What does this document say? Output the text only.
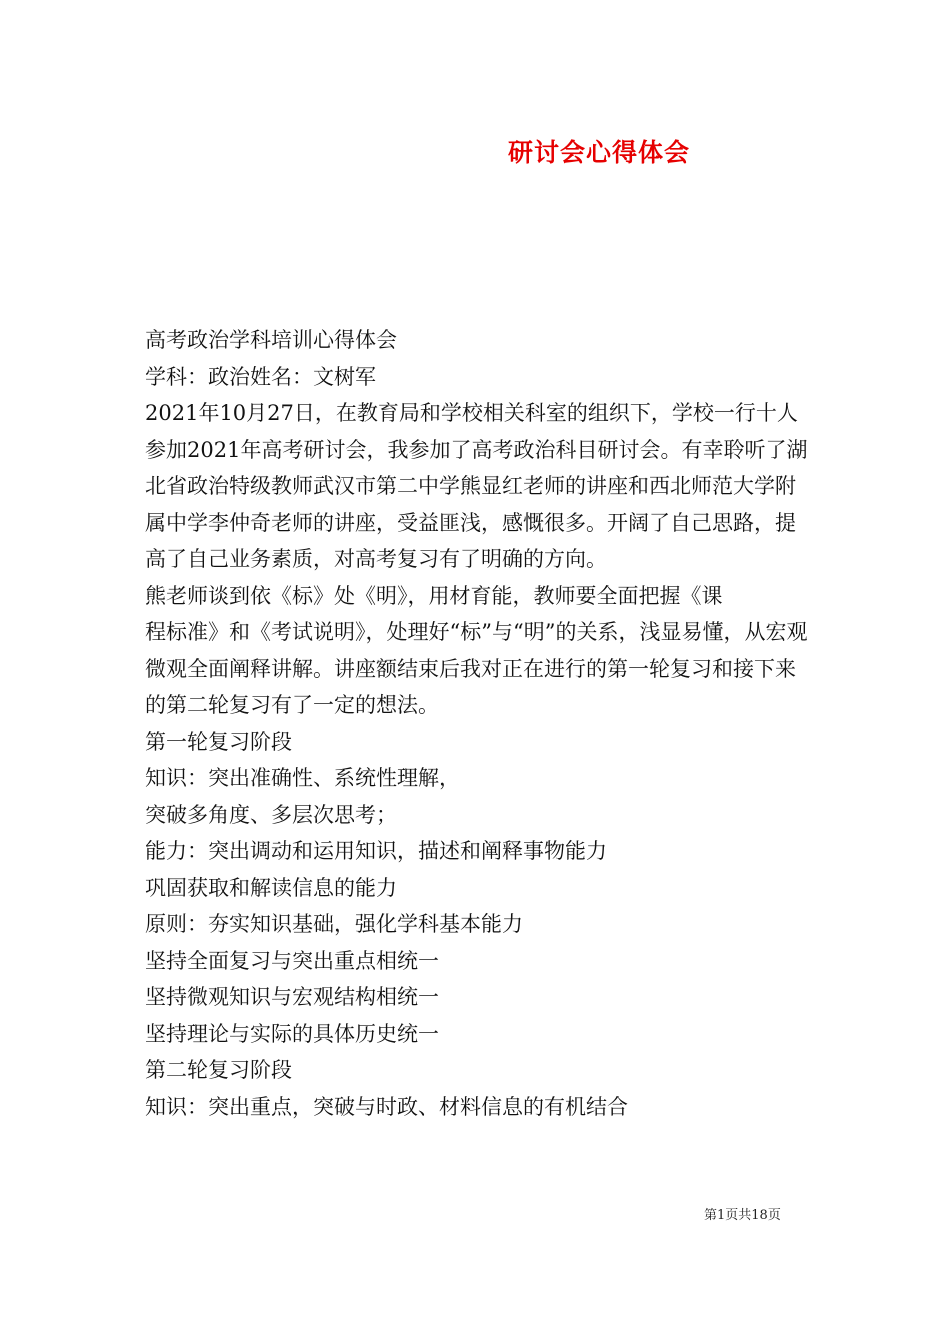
研讨会心得体会

高考政治学科培训心得体会

学科：政治姓名：文树军

2021年10月27日，在教育局和学校相关科室的组织下，学校一行十人参加2021年高考研讨会，我参加了高考政治科目研讨会。有幸聆听了湖北省政治特级教师武汉市第二中学熊显红老师的讲座和西北师范大学附属中学李仲奇老师的讲座，受益匪浅，感慨很多。开阔了自己思路，提高了自己业务素质，对高考复习有了明确的方向。

熊老师谈到依《标》处《明》，用材育能，教师要全面把握《课

程标准》和《考试说明》，处理好“标”与“明”的关系，浅显易懂，从宏观微观全面阐释讲解。讲座额结束后我对正在进行的第一轮复习和接下来的第二轮复习有了一定的想法。

第一轮复习阶段

知识：突出准确性、系统性理解，

突破多角度、多层次思考；

能力：突出调动和运用知识，描述和阐释事物能力

巩固获取和解读信息的能力

原则：夯实知识基础，强化学科基本能力

坚持全面复习与突出重点相统一

坚持微观知识与宏观结构相统一

坚持理论与实际的具体历史统一

第二轮复习阶段

知识：突出重点，突破与时政、材料信息的有机结合

第1页共18页
